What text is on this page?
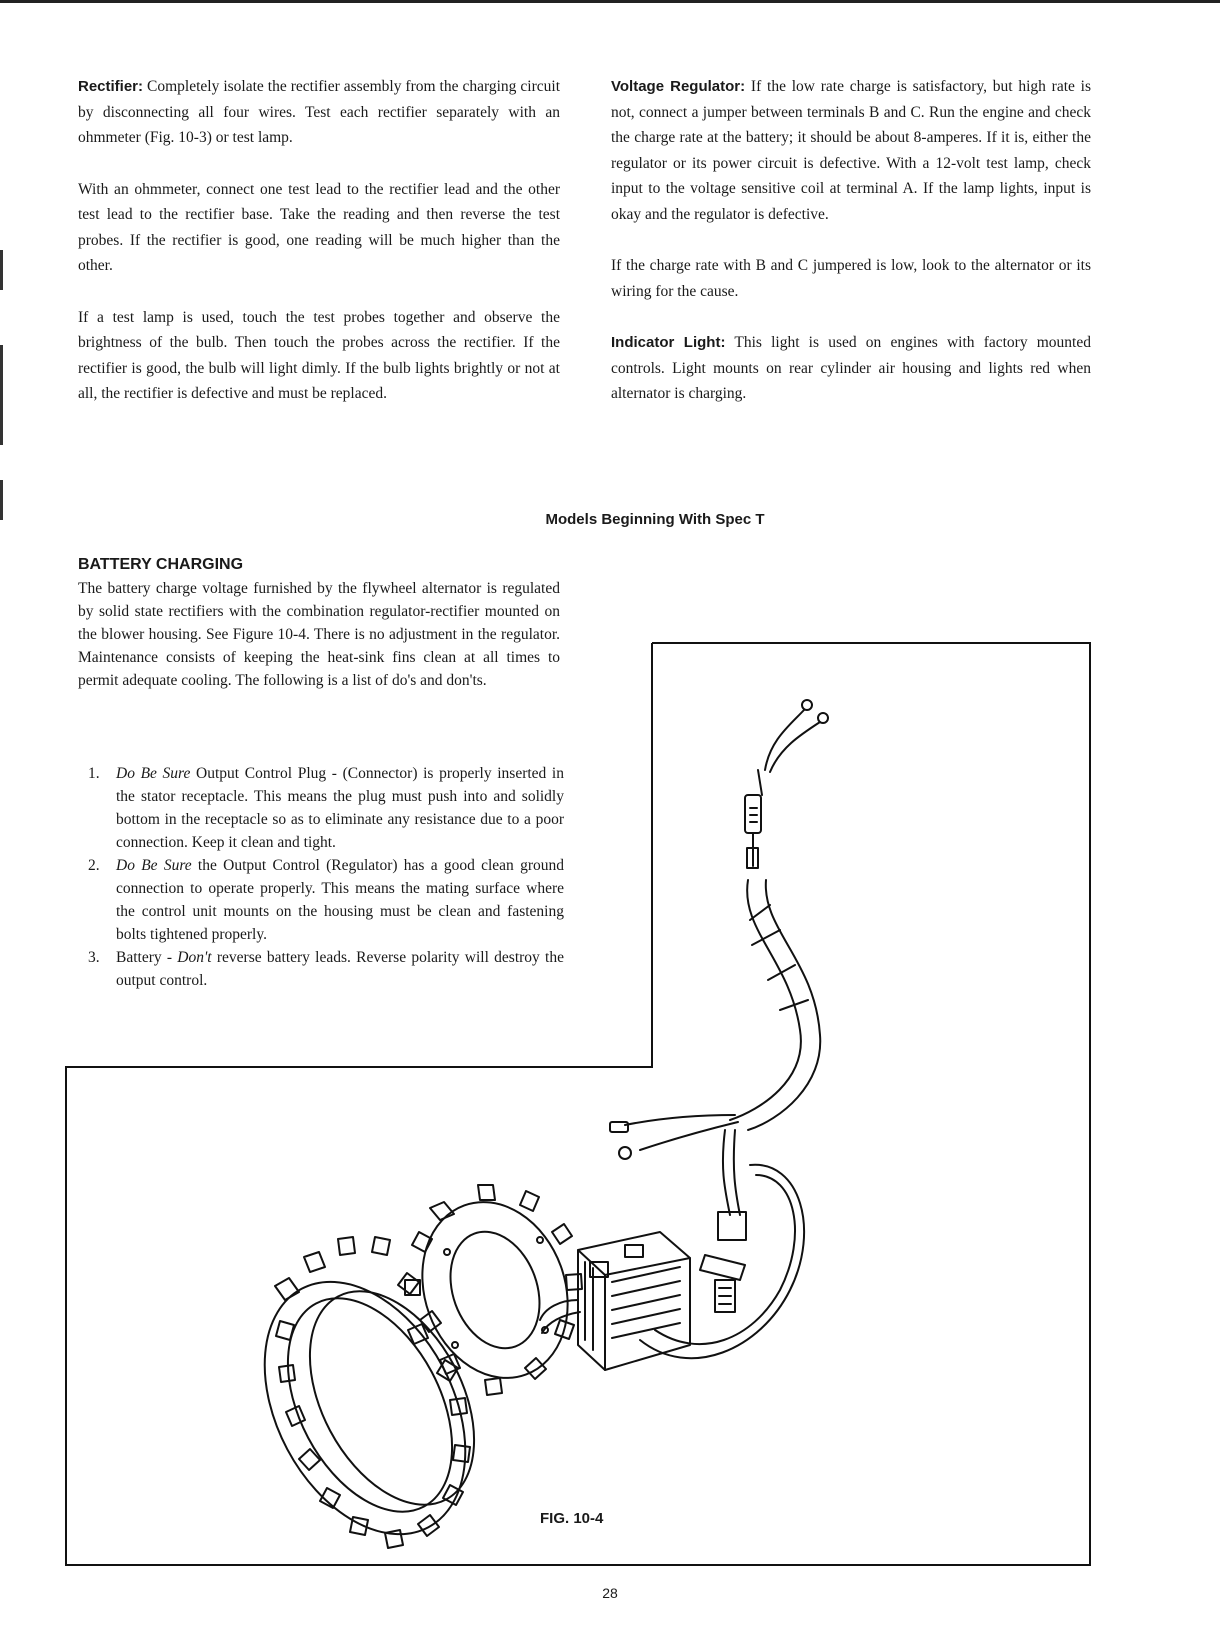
Rectifier: Completely isolate the rectifier assembly from the charging circuit by disconnecting all four wires. Test each rectifier separately with an ohmmeter (Fig. 10-3) or test lamp.

With an ohmmeter, connect one test lead to the rectifier lead and the other test lead to the rectifier base. Take the reading and then reverse the test probes. If the rectifier is good, one reading will be much higher than the other.

If a test lamp is used, touch the test probes together and observe the brightness of the bulb. Then touch the probes across the rectifier. If the rectifier is good, the bulb will light dimly. If the bulb lights brightly or not at all, the rectifier is defective and must be replaced.

Voltage Regulator: If the low rate charge is satisfactory, but high rate is not, connect a jumper between terminals B and C. Run the engine and check the charge rate at the battery; it should be about 8-amperes. If it is, either the regulator or its power circuit is defective. With a 12-volt test lamp, check input to the voltage sensitive coil at terminal A. If the lamp lights, input is okay and the regulator is defective.

If the charge rate with B and C jumpered is low, look to the alternator or its wiring for the cause.

Indicator Light: This light is used on engines with factory mounted controls. Light mounts on rear cylinder air housing and lights red when alternator is charging.

Models Beginning With Spec T
BATTERY CHARGING
The battery charge voltage furnished by the flywheel alternator is regulated by solid state rectifiers with the combination regulator-rectifier mounted on the blower housing. See Figure 10-4. There is no adjustment in the regulator. Maintenance consists of keeping the heat-sink fins clean at all times to permit adequate cooling. The following is a list of do's and don'ts.
1. Do Be Sure Output Control Plug - (Connector) is properly inserted in the stator receptacle. This means the plug must push into and solidly bottom in the receptacle so as to eliminate any resistance due to a poor connection. Keep it clean and tight.
2. Do Be Sure the Output Control (Regulator) has a good clean ground connection to operate properly. This means the mating surface where the control unit mounts on the housing must be clean and fastening bolts tightened properly.
3. Battery - Don't reverse battery leads. Reverse polarity will destroy the output control.
FIG. 10-4
28
